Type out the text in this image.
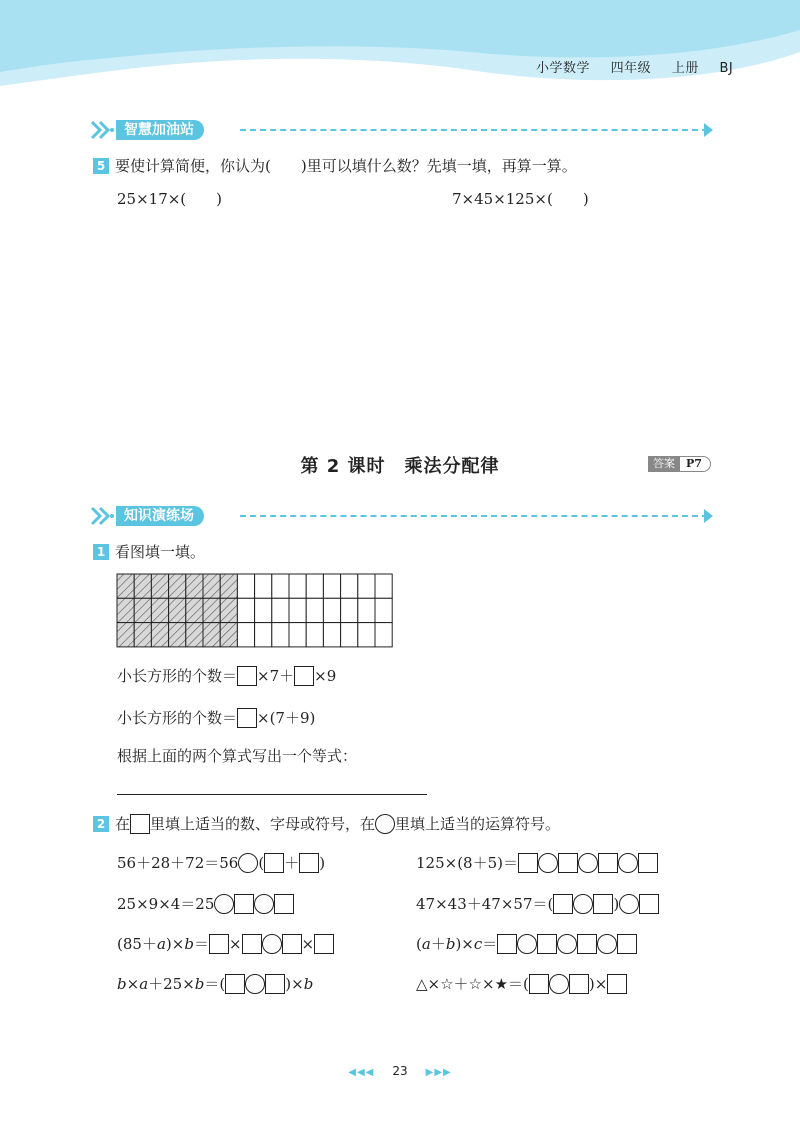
小学数学 四年级 上册 BJ
智慧加油站
5 要使计算简便，你认为(　　)里可以填什么数？先填一填，再算一算。
25×17×(　　)	7×45×125×(　　)
第 2 课时　乘法分配律	答案	P7
知识演练场
1 看图填一填。
小长方形的个数＝ ×7＋ ×9
小长方形的个数＝ ×(7＋9)
根据上面的两个算式写出一个等式：
2 在 里填上适当的数、字母或符号，在 里填上适当的运算符号。
56＋28＋72＝56 ( ＋ )	125×(8＋5)＝
25×9×4＝25	47×43＋47×57＝(	)
(85＋a)×b＝ ×	×	(a＋b)×c＝
b×a＋25×b＝(	)×b	△×☆＋☆×★＝(	)×
◀◀◀ 23 ▶▶▶
